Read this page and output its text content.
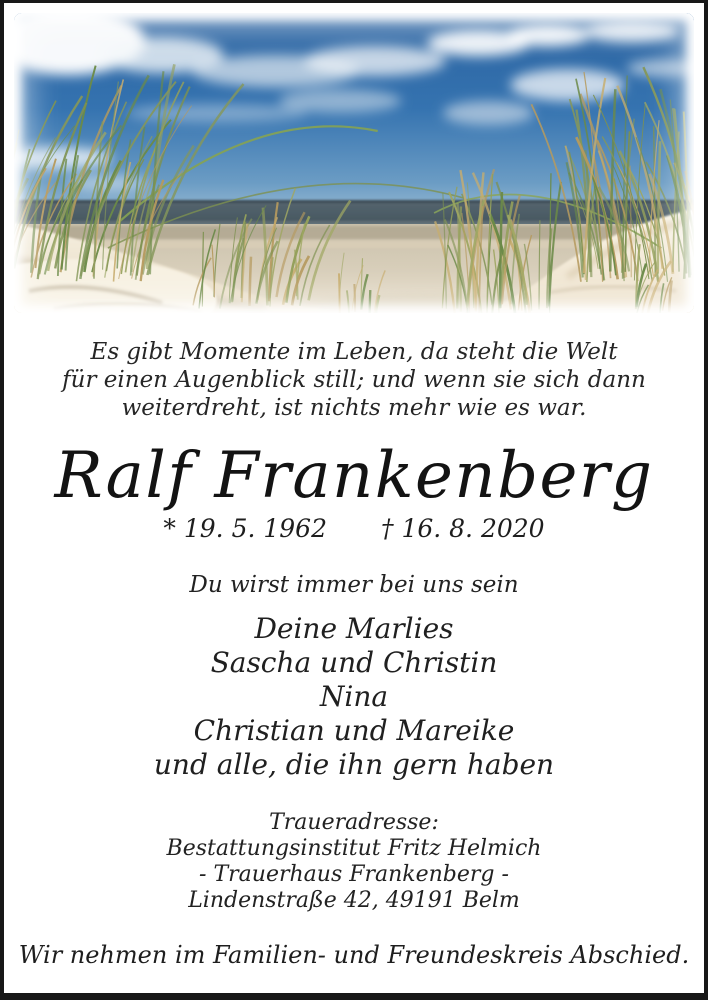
Es gibt Momente im Leben, da steht die Welt
für einen Augenblick still; und wenn sie sich dann
weiterdreht, ist nichts mehr wie es war.
Ralf Frankenberg
* 19. 5. 1962 † 16. 8. 2020
Du wirst immer bei uns sein
Deine Marlies
Sascha und Christin
Nina
Christian und Mareike
und alle, die ihn gern haben
Traueradresse:
Bestattungsinstitut Fritz Helmich
- Trauerhaus Frankenberg -
Lindenstraße 42, 49191 Belm
Wir nehmen im Familien- und Freundeskreis Abschied.
